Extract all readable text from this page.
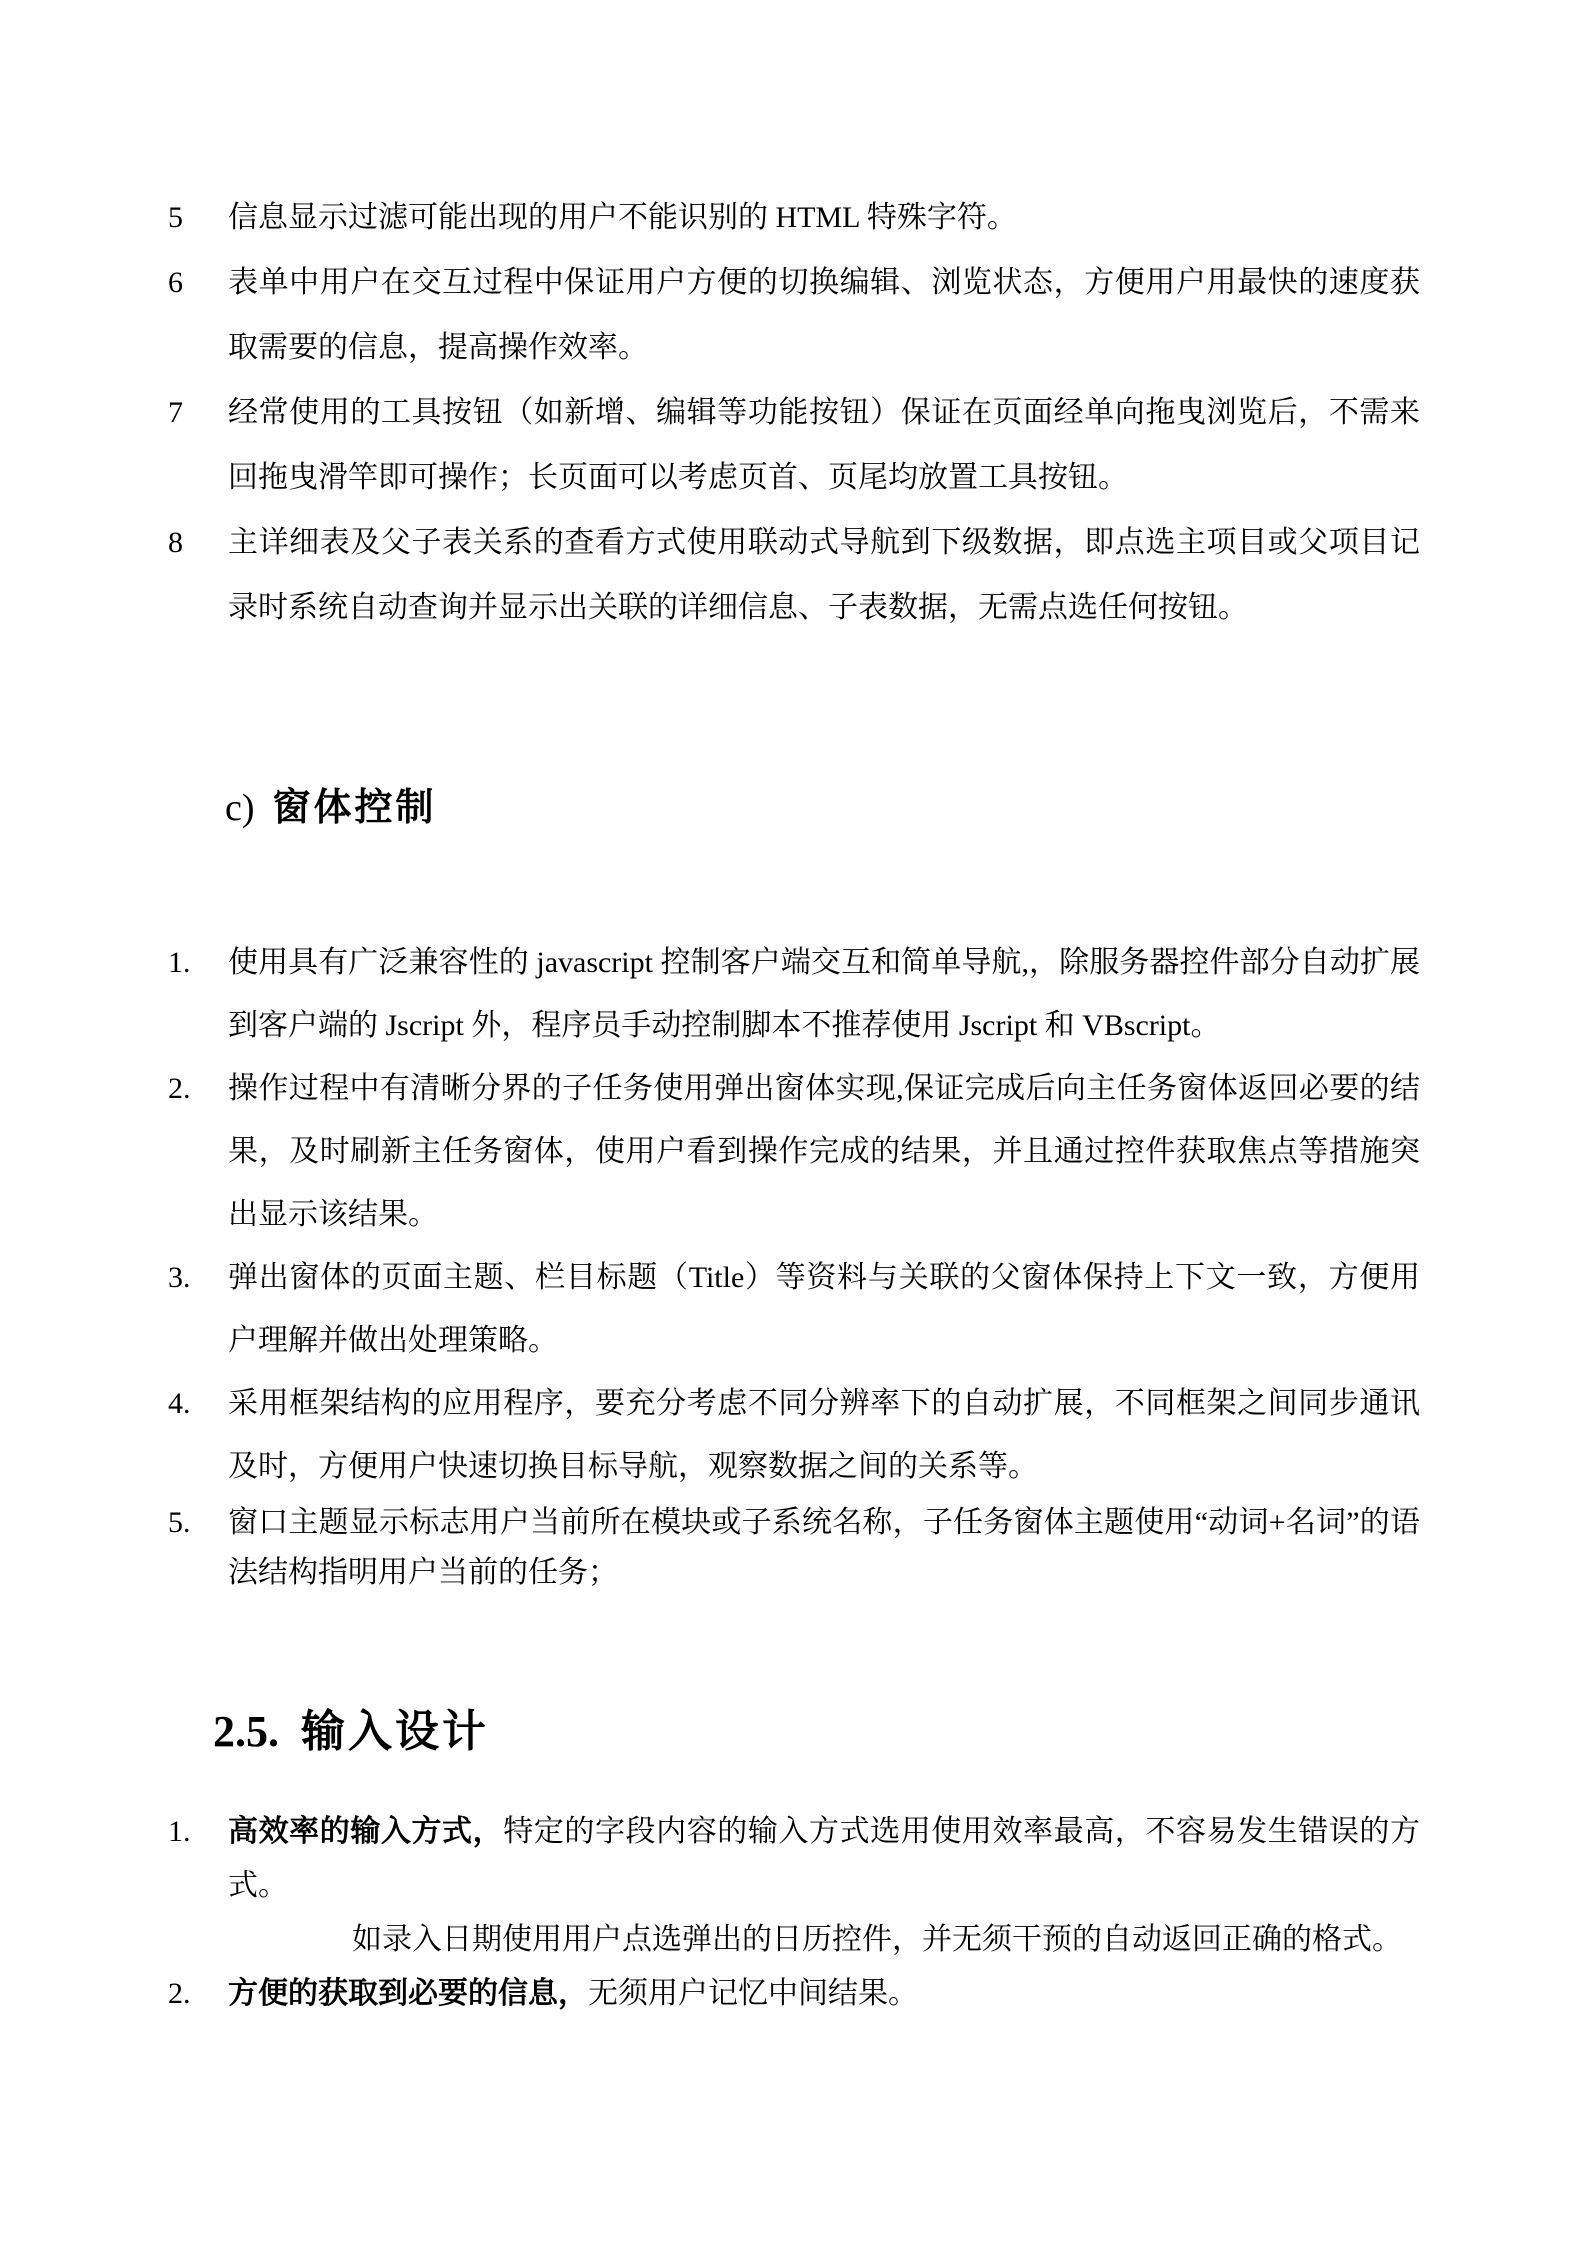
5	信息显示过滤可能出现的用户不能识别的 HTML 特殊字符。
6	表单中用户在交互过程中保证用户方便的切换编辑、浏览状态，方便用户用最快的速度获取需要的信息，提高操作效率。
7	经常使用的工具按钮（如新增、编辑等功能按钮）保证在页面经单向拖曳浏览后，不需来回拖曳滑竿即可操作；长页面可以考虑页首、页尾均放置工具按钮。
8	主详细表及父子表关系的查看方式使用联动式导航到下级数据，即点选主项目或父项目记录时系统自动查询并显示出关联的详细信息、子表数据，无需点选任何按钮。
c) 窗体控制
1.	使用具有广泛兼容性的 javascript 控制客户端交互和简单导航,，除服务器控件部分自动扩展到客户端的 Jscript 外，程序员手动控制脚本不推荐使用 Jscript 和 VBscript。
2.	操作过程中有清晰分界的子任务使用弹出窗体实现,保证完成后向主任务窗体返回必要的结果，及时刷新主任务窗体，使用户看到操作完成的结果，并且通过控件获取焦点等措施突出显示该结果。
3.	弹出窗体的页面主题、栏目标题（Title）等资料与关联的父窗体保持上下文一致，方便用户理解并做出处理策略。
4.	采用框架结构的应用程序，要充分考虑不同分辨率下的自动扩展，不同框架之间同步通讯及时，方便用户快速切换目标导航，观察数据之间的关系等。
5.	窗口主题显示标志用户当前所在模块或子系统名称，子任务窗体主题使用“动词+名词”的语法结构指明用户当前的任务；
2.5. 输入设计
1.	高效率的输入方式，特定的字段内容的输入方式选用使用效率最高，不容易发生错误的方式。
如录入日期使用用户点选弹出的日历控件，并无须干预的自动返回正确的格式。
2.	方便的获取到必要的信息，无须用户记忆中间结果。
